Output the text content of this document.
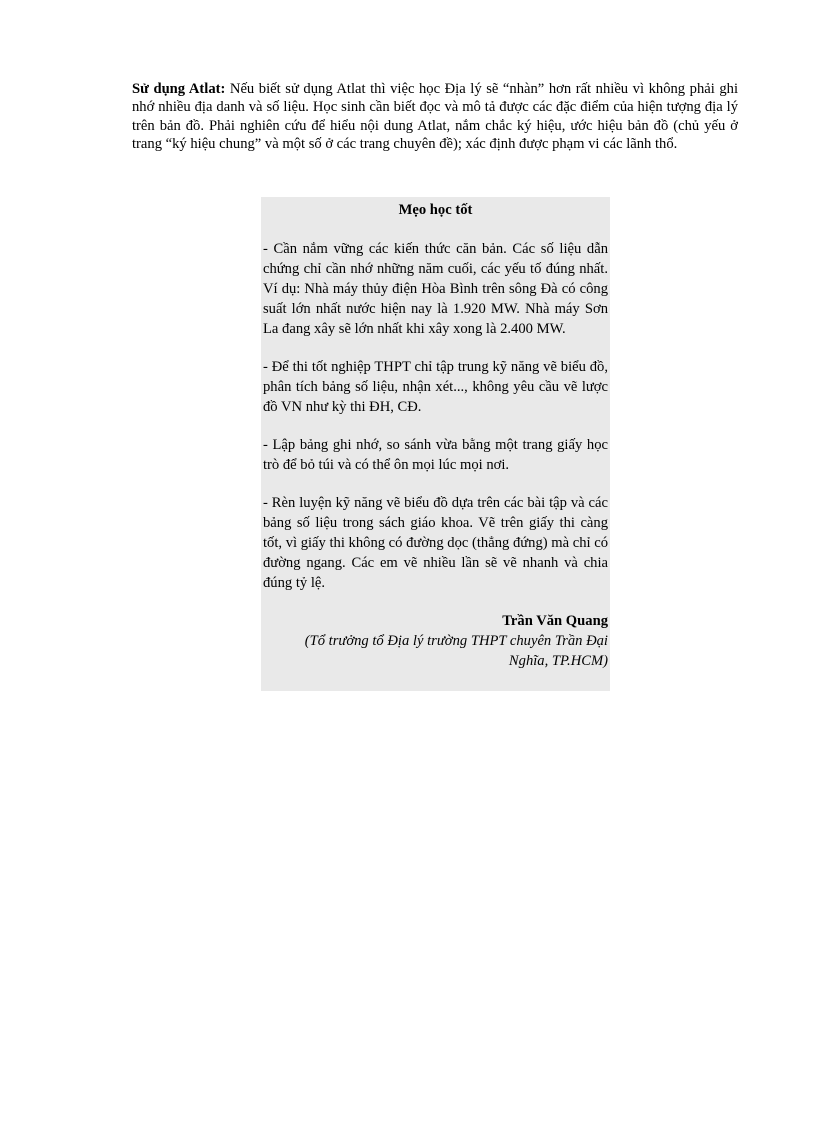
Sử dụng Atlat: Nếu biết sử dụng Atlat thì việc học Địa lý sẽ “nhàn” hơn rất nhiều vì không phải ghi nhớ nhiều địa danh và số liệu. Học sinh cần biết đọc và mô tả được các đặc điểm của hiện tượng địa lý trên bản đồ. Phải nghiên cứu để hiểu nội dung Atlat, nắm chắc ký hiệu, ước hiệu bản đồ (chủ yếu ở trang “ký hiệu chung” và một số ở các trang chuyên đề); xác định được phạm vi các lãnh thổ.

Mẹo học tốt

- Cần nắm vững các kiến thức căn bản. Các số liệu dẫn chứng chỉ cần nhớ những năm cuối, các yếu tố đúng nhất. Ví dụ: Nhà máy thủy điện Hòa Bình trên sông Đà có công suất lớn nhất nước hiện nay là 1.920 MW. Nhà máy Sơn La đang xây sẽ lớn nhất khi xây xong là 2.400 MW.

- Để thi tốt nghiệp THPT chỉ tập trung kỹ năng vẽ biểu đồ, phân tích bảng số liệu, nhận xét..., không yêu cầu vẽ lược đồ VN như kỳ thi ĐH, CĐ.

- Lập bảng ghi nhớ, so sánh vừa bằng một trang giấy học trò để bỏ túi và có thể ôn mọi lúc mọi nơi.

- Rèn luyện kỹ năng vẽ biểu đồ dựa trên các bài tập và các bảng số liệu trong sách giáo khoa. Vẽ trên giấy thi càng tốt, vì giấy thi không có đường dọc (thẳng đứng) mà chỉ có đường ngang. Các em vẽ nhiều lần sẽ vẽ nhanh và chia đúng tỷ lệ.

Trần Văn Quang

(Tổ trưởng tổ Địa lý trường THPT chuyên Trần Đại Nghĩa, TP.HCM)
